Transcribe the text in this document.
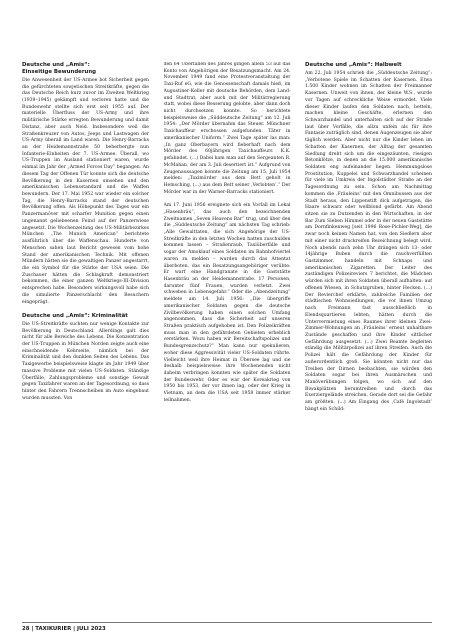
Deutsche und „Amis“:
Einseitige Bewunderung

Die Anwesenheit der US-Armee bot Sicherheit gegen die gefürchteten sowjetischen Streitkräfte, gegen die das Deutsche Reich kurz zuvor im Zweiten Weltkrieg (1939–1945) gekämpft und verloren hatte und die Bundeswehr stellte sich erst seit 1955 auf. Der materielle Überfluss der US-Army und ihre militärische Stärke erregten Bewunderung und damit Distanz, aber auch Neid. Insbesondere weil die Straßenkreuzer von Autos, Jeeps und Lastwagen der US-Army überall im Land waren. Die Henry-Barracks an der Heidemannstraße 50 beherbergte nun Infanterie-Einheiten der 7. US-Armee. Überall, wo US-Truppen im Ausland stationiert waren, wurde einmal im Jahr der „Armed Forces Day“ begangen. An diesem Tag der Offenen Tür konnte sich die deutsche Bevölkerung in den Kasernen umsehen und den amerikanischen Lebensstandard und die Waffen bewundern. Der 17. Mai 1952 war wieder ein solcher Tag, die Henry-Barracks stand der deutschen Bevölkerung offen. Als Höhepunkt des Tages war ein Panzermanöver mit scharfer Munition gegen einen ungenannt geliebeenen Feind auf der Panzerwiese angesetzt. Die Wochenzeitung des US-Militärbezirkes München „The Munich American“ berichtete ausführlich über die Waffenschau. Hunderte von Menschen sahen laut Bericht gewesen vom hohe Stand der amerikanischen Technik. Mit offenen Mündern hätten sie die gewaltigen Panzer angestarrt, die ein Symbol für die Stärke der USA seien. Die Zuschauer hätten die Schlagkraft demonstriert bekommen, die einer ganzen Weltkriegs-III-Division entsprechen habe. Besonders wirkungsvoll habe sich die simulierte Panzerschlacht den Besuchern eingeprägt.

Deutsche und „Amis“: Kriminalität

Die US-Streitkräfte suchten nur wenige Kontakte zur Bevölkerung in Deutschland. Allerdings galt dies nicht für alle Bereiche des Lebens. Die Konzentration der US-Truppen in München Norden zeigte auch eine einschneidende Kehrseite, nämlich bei der Kriminalität und den dunklen Seiten des Lebens. Das Taxigewerbe beispielsweise klagte im Jahr 1949 über massive Probleme mit vielen US-Soldaten. Ständige Überfälle, Zahlungsprobleme und sonstige Gewalt gegen Taxifahrer waren an der Tagesordnung, so dass hinter den Fahrern Trennscheiben im Auto eingebaut wurden mussten. Von

den 64 Überfällen des Jahres gingen allein 53 auf das Konto von Angehörigen der Besatzungsmacht. Am 24. November 1949 fand eine Protestveranstaltung der Taxi-Ruf eG, wie die Genossenschaft damals hieß, im Augustiner-Keller mit deutsche Behörden, dem Land- und Stadtrat, aber auch mit der Militärregierung statt, wobei diese Besserung gelobte, aber dann doch nicht durchsetzen konnte. So berichtete beispielsweise die „Süddeutsche Zeitung“ am 12. Juli 1954: „Der Mörder übernahm das Steuer. Münchner Taxichauffeur erschossen aufgefunden. Täter in amerikanischer Uniform.“ Zwei Tage später las man: „In ganz Oberbayern wird fieberhaft nach dem Mörder des 60jährigen Taxichauffeurs K.K. gefahndet. (...) Dabei kam man auf den Sergeanten R. McMahan, der am 3. Juli desertiert ist.“ Aufgrund von Zeugenaussagen konnte die Zeitung am 15. Juli 1954 melden: „Taximörder aus dem Bett geholt in Hemsching, (...) aus dem Bett seiner ‚Verlobten‘.“ Der Mörder war in der Warner-Barracks stationiert.

Am 17. Juni 1956 ereignete sich ein Vorfall im Lokal „Hasenbräu“, das auch den bezeichnenden Zweitnamen „Seven Heavens Bar“ trug, und über den die „Süddeutsche Zeitung“ am nächsten Tag schrieb: „Alle Gewalttaten, die sich Angehörige der US-Streitkräfte in den letzten Wochen hatten zuschulden kommen lassen – Straßenraub, Taxiüberfälle und sogar der Amoklauf eines Soldaten im Bahnhofviertel waren zu melden – wurden durch das Attentat überboten, das ein Besatzungsangehöriger verübte: Er warf eine Handgranate in die Gaststätte Hasenbräu an der Heidemannstraße. 17 Personen, darunter fünf Frauen, wurden verletzt. Zwei schweben in Lebensgefahr.“ Oder die „Abendzeitung“ meldete am 14. Juli 1956: „Die übergriffe amerikanischer Soldaten gegen die deutsche Zivilbevölkerung haben einen solchen Umfang angenommen, dass die Sicherheit auf unseren Straßen praktisch aufgehoben ist. Den Polizeikräften muss man in den gefährdeten Gebieten erheblich verstärken. Wozu haben wir Bereitschaftspolizei und Bundesgrenzschutz?“ Man kann nur spekulieren, woher diese Aggressivität vieler US-Soldaten rührte. Vielleicht weil ihre Heimat in Übersee lag und sie deshalb beispielsweise ihre Wochenenden nicht daheim verbringen konnten wie später die Soldaten der Bundeswehr. Oder es war der Koreakrieg von 1950 bis 1953, der vor ihnen lag, oder der Krieg in Vietnam, an dem die USA seit 1958 immer stärker teilnahmen.

Deutsche und „Amis“: Halbwelt

Am 22. Juli 1954 schrieb die „Süddeutsche Zeitung“: „Verbotene Spiele im Schatten der Kasernen. Etwa 1.500 Kinder wohnen im Schatten der Freimanner Kasernen. Unweit von ihnen, der kleine W.S., wurde vor Tagen auf schreckliche Weise ermordet. Viele dieser Kinder laufen den Soldaten nach, betteln, machen kleine Geschäfte, erlernen den Schwarzhandel und unterhalten sich auf der Straße laut über Vorfälle, die allzu unfein als für ihre Fantasie zuträglich sind, denen Augenzeugen sie aber täglich werden. Aber nicht nur die Kinder leben im Schatten der Kasernen, der Alltag der gesamten Siedlung dreht sich um die eingezäunten, riesigen Betonklötze, in denen an die 15.000 amerikanische Soldaten eng aufeinander liegen. Hemmungslose Prostitution, Kuppelei und Schwarzhandel scheinen für viele im Umkreis der Ingolstädter Straße an der Tagesordnung zu sein. Schon am Nachmittag kommen die ‚Fräuleins‘ mit den Omnibussen aus der Stadt heraus, den Lippenstift dick aufgetragen, die Haare schwarz oder wellblond gefärbt. Am Abend sitzen sie zu Dutzenden in den Wirtschaften, in der Bar Zum Sieben Himmel oder in der neuen Gaststätte am Dornfinkenweg [seit 1996 Rose-Pichler-Weg], die zwar noch keinen Namen hat, von den Siedlern aber mit einer nicht druckreifen Bezeichnung belegt wird. Noch abends nach zehn Uhr drängen sich 13- oder 14jährige Buben durch die rauchverfüllten Gastzimmer, handeln mit Schnaps und amerikanischen Zigaretten. Der Leiter des zuständigen Polizeireviers 7 berichtet, die Mädchen würden sich mit ihren Soldaten überall aufhalten: auf offenen Wiesen, in Schutzgruben, hinter Hecken. (...) Der Revierchef erklärte, zahlreiche Familien der städtischen Wohnsiedlungen, die vor ihnen Umzug nach Freimann fast ausschließlich in Elendsquartieren lebten, hätten durch die Untervermietung eines Raumes ihrer kleinen Zwei-Zimmer-Wohnungen an ‚Fräuleins‘ erneut unhaltbare Zustände geschaffen und ihre Kinder sittlicher Gefährdung ausgesetzt. (...) Zwei Beamte begleiten ständig die Militärpolizei auf ihren Streifen. Auch die Polizei hält die Gefährdung der Kinder für außerordentlich groß. Sie könnten nicht nur das Treiben der Dirnen beobachten, sie würden den Soldaten sogar bei ihren Ausmärschen und Manöverübungen folgen, wo sich auf den Biwakplätzen herumtreiben und durch das Exerziergelände streichen. Gerade dort sei die Gefahr am größten. (...) Am Eingang des ‚Café Ingolstadt‘ hängt ein Schild:

28 | TAXIKURIER | JULI 2023
